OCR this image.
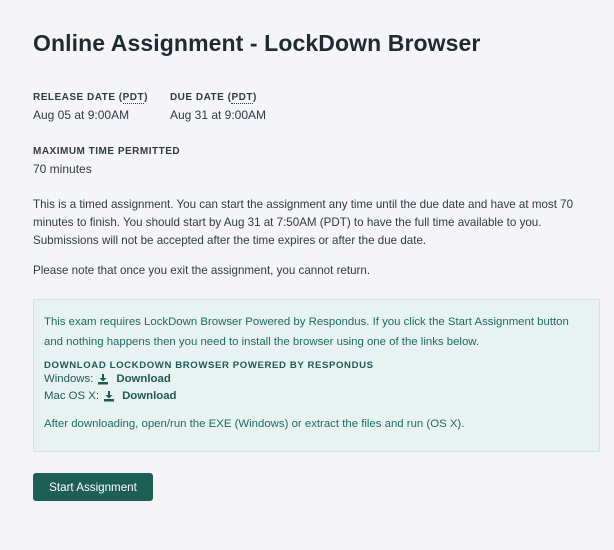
Online Assignment - LockDown Browser
RELEASE DATE (PDT)
Aug 05 at 9:00AM
DUE DATE (PDT)
Aug 31 at 9:00AM
MAXIMUM TIME PERMITTED
70 minutes

This is a timed assignment. You can start the assignment any time until the due date and have at most 70 minutes to finish. You should start by Aug 31 at 7:50AM (PDT) to have the full time available to you. Submissions will not be accepted after the time expires or after the due date.

Please note that once you exit the assignment, you cannot return.

This exam requires LockDown Browser Powered by Respondus. If you click the Start Assignment button and nothing happens then you need to install the browser using one of the links below.

DOWNLOAD LOCKDOWN BROWSER POWERED BY RESPONDUS
Windows: Download
Mac OS X: Download

After downloading, open/run the EXE (Windows) or extract the files and run (OS X).

Start Assignment
